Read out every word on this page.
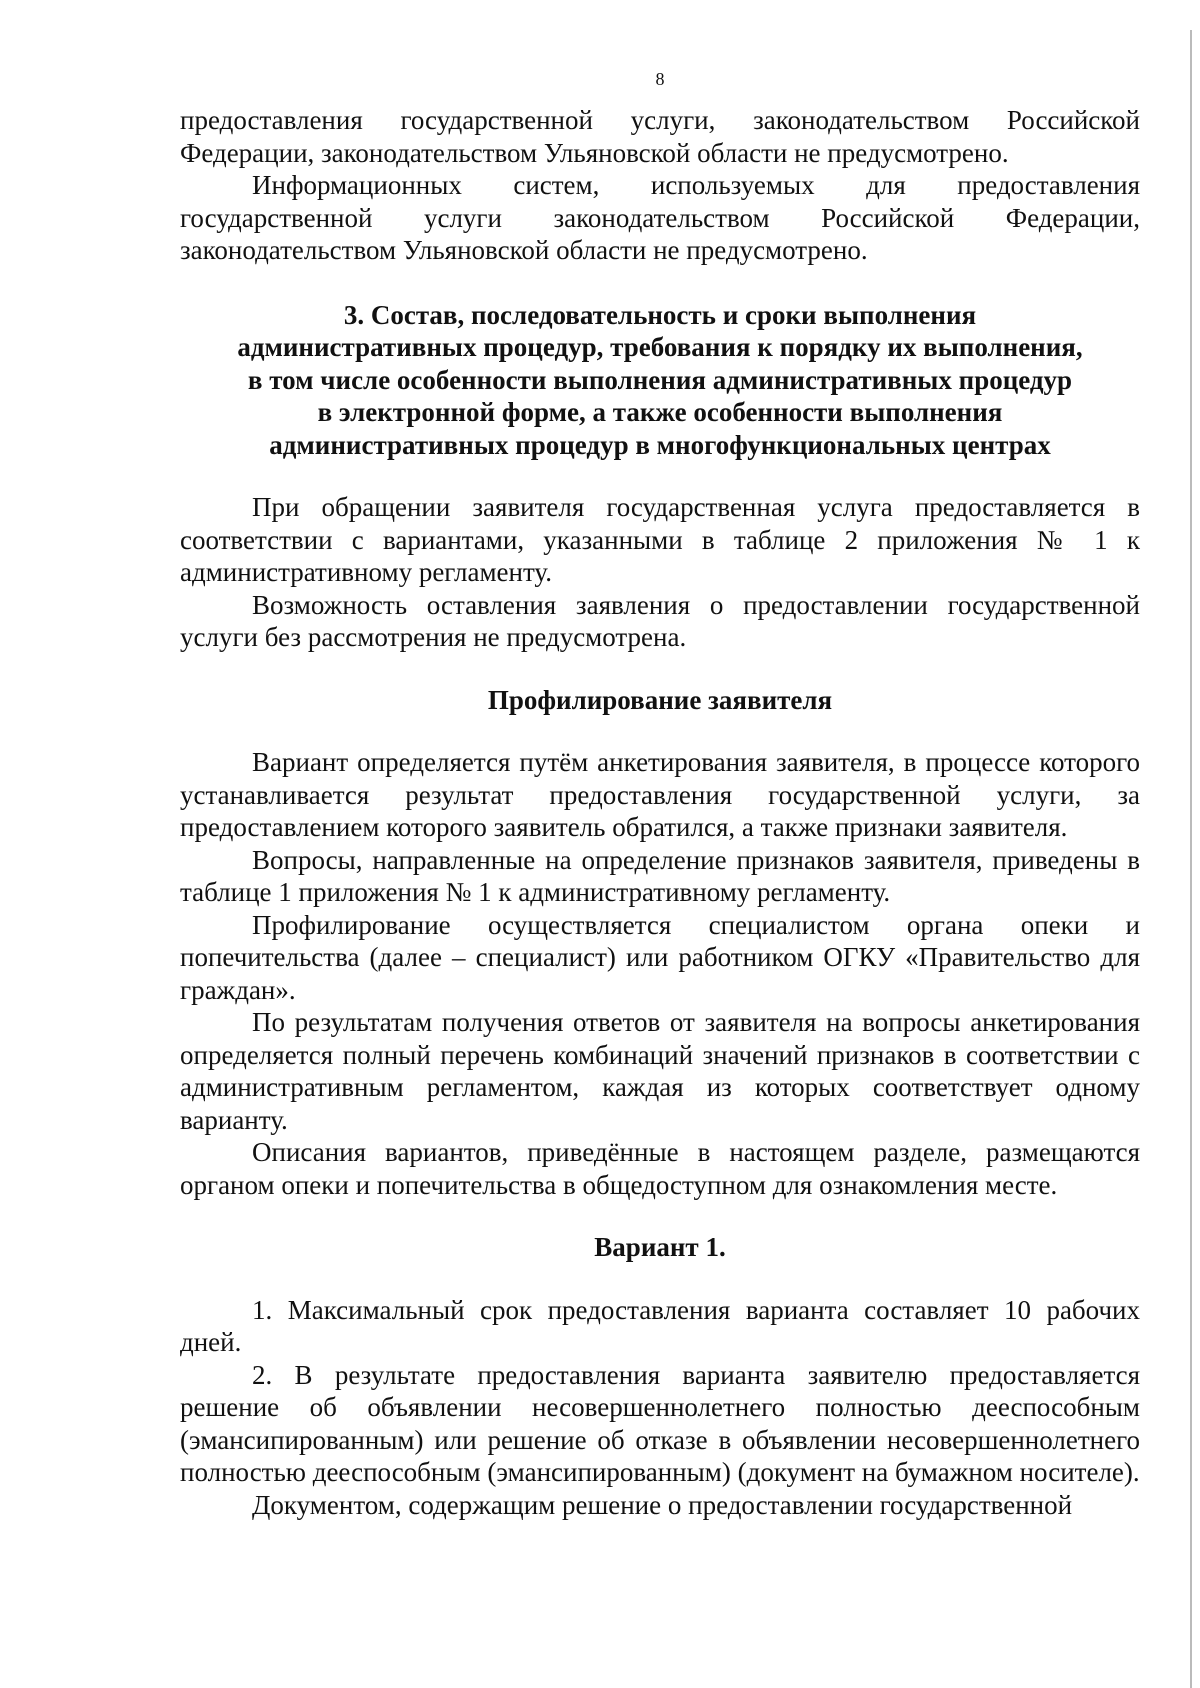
8

предоставления государственной услуги, законодательством Российской Федерации, законодательством Ульяновской области не предусмотрено.

Информационных систем, используемых для предоставления государственной услуги законодательством Российской Федерации, законодательством Ульяновской области не предусмотрено.

3. Состав, последовательность и сроки выполнения
административных процедур, требования к порядку их выполнения,
в том числе особенности выполнения административных процедур
в электронной форме, а также особенности выполнения
административных процедур в многофункциональных центрах

При обращении заявителя государственная услуга предоставляется в соответствии с вариантами, указанными в таблице 2 приложения № 1 к административному регламенту.

Возможность оставления заявления о предоставлении государственной услуги без рассмотрения не предусмотрена.

Профилирование заявителя

Вариант определяется путём анкетирования заявителя, в процессе которого устанавливается результат предоставления государственной услуги, за предоставлением которого заявитель обратился, а также признаки заявителя.

Вопросы, направленные на определение признаков заявителя, приведены в таблице 1 приложения № 1 к административному регламенту.

Профилирование осуществляется специалистом органа опеки и попечительства (далее – специалист) или работником ОГКУ «Правительство для граждан».

По результатам получения ответов от заявителя на вопросы анкетирования определяется полный перечень комбинаций значений признаков в соответствии с административным регламентом, каждая из которых соответствует одному варианту.

Описания вариантов, приведённые в настоящем разделе, размещаются органом опеки и попечительства в общедоступном для ознакомления месте.

Вариант 1.

1. Максимальный срок предоставления варианта составляет 10 рабочих дней.

2. В результате предоставления варианта заявителю предоставляется решение об объявлении несовершеннолетнего полностью дееспособным (эмансипированным) или решение об отказе в объявлении несовершеннолетнего полностью дееспособным (эмансипированным) (документ на бумажном носителе).

Документом, содержащим решение о предоставлении государственной
